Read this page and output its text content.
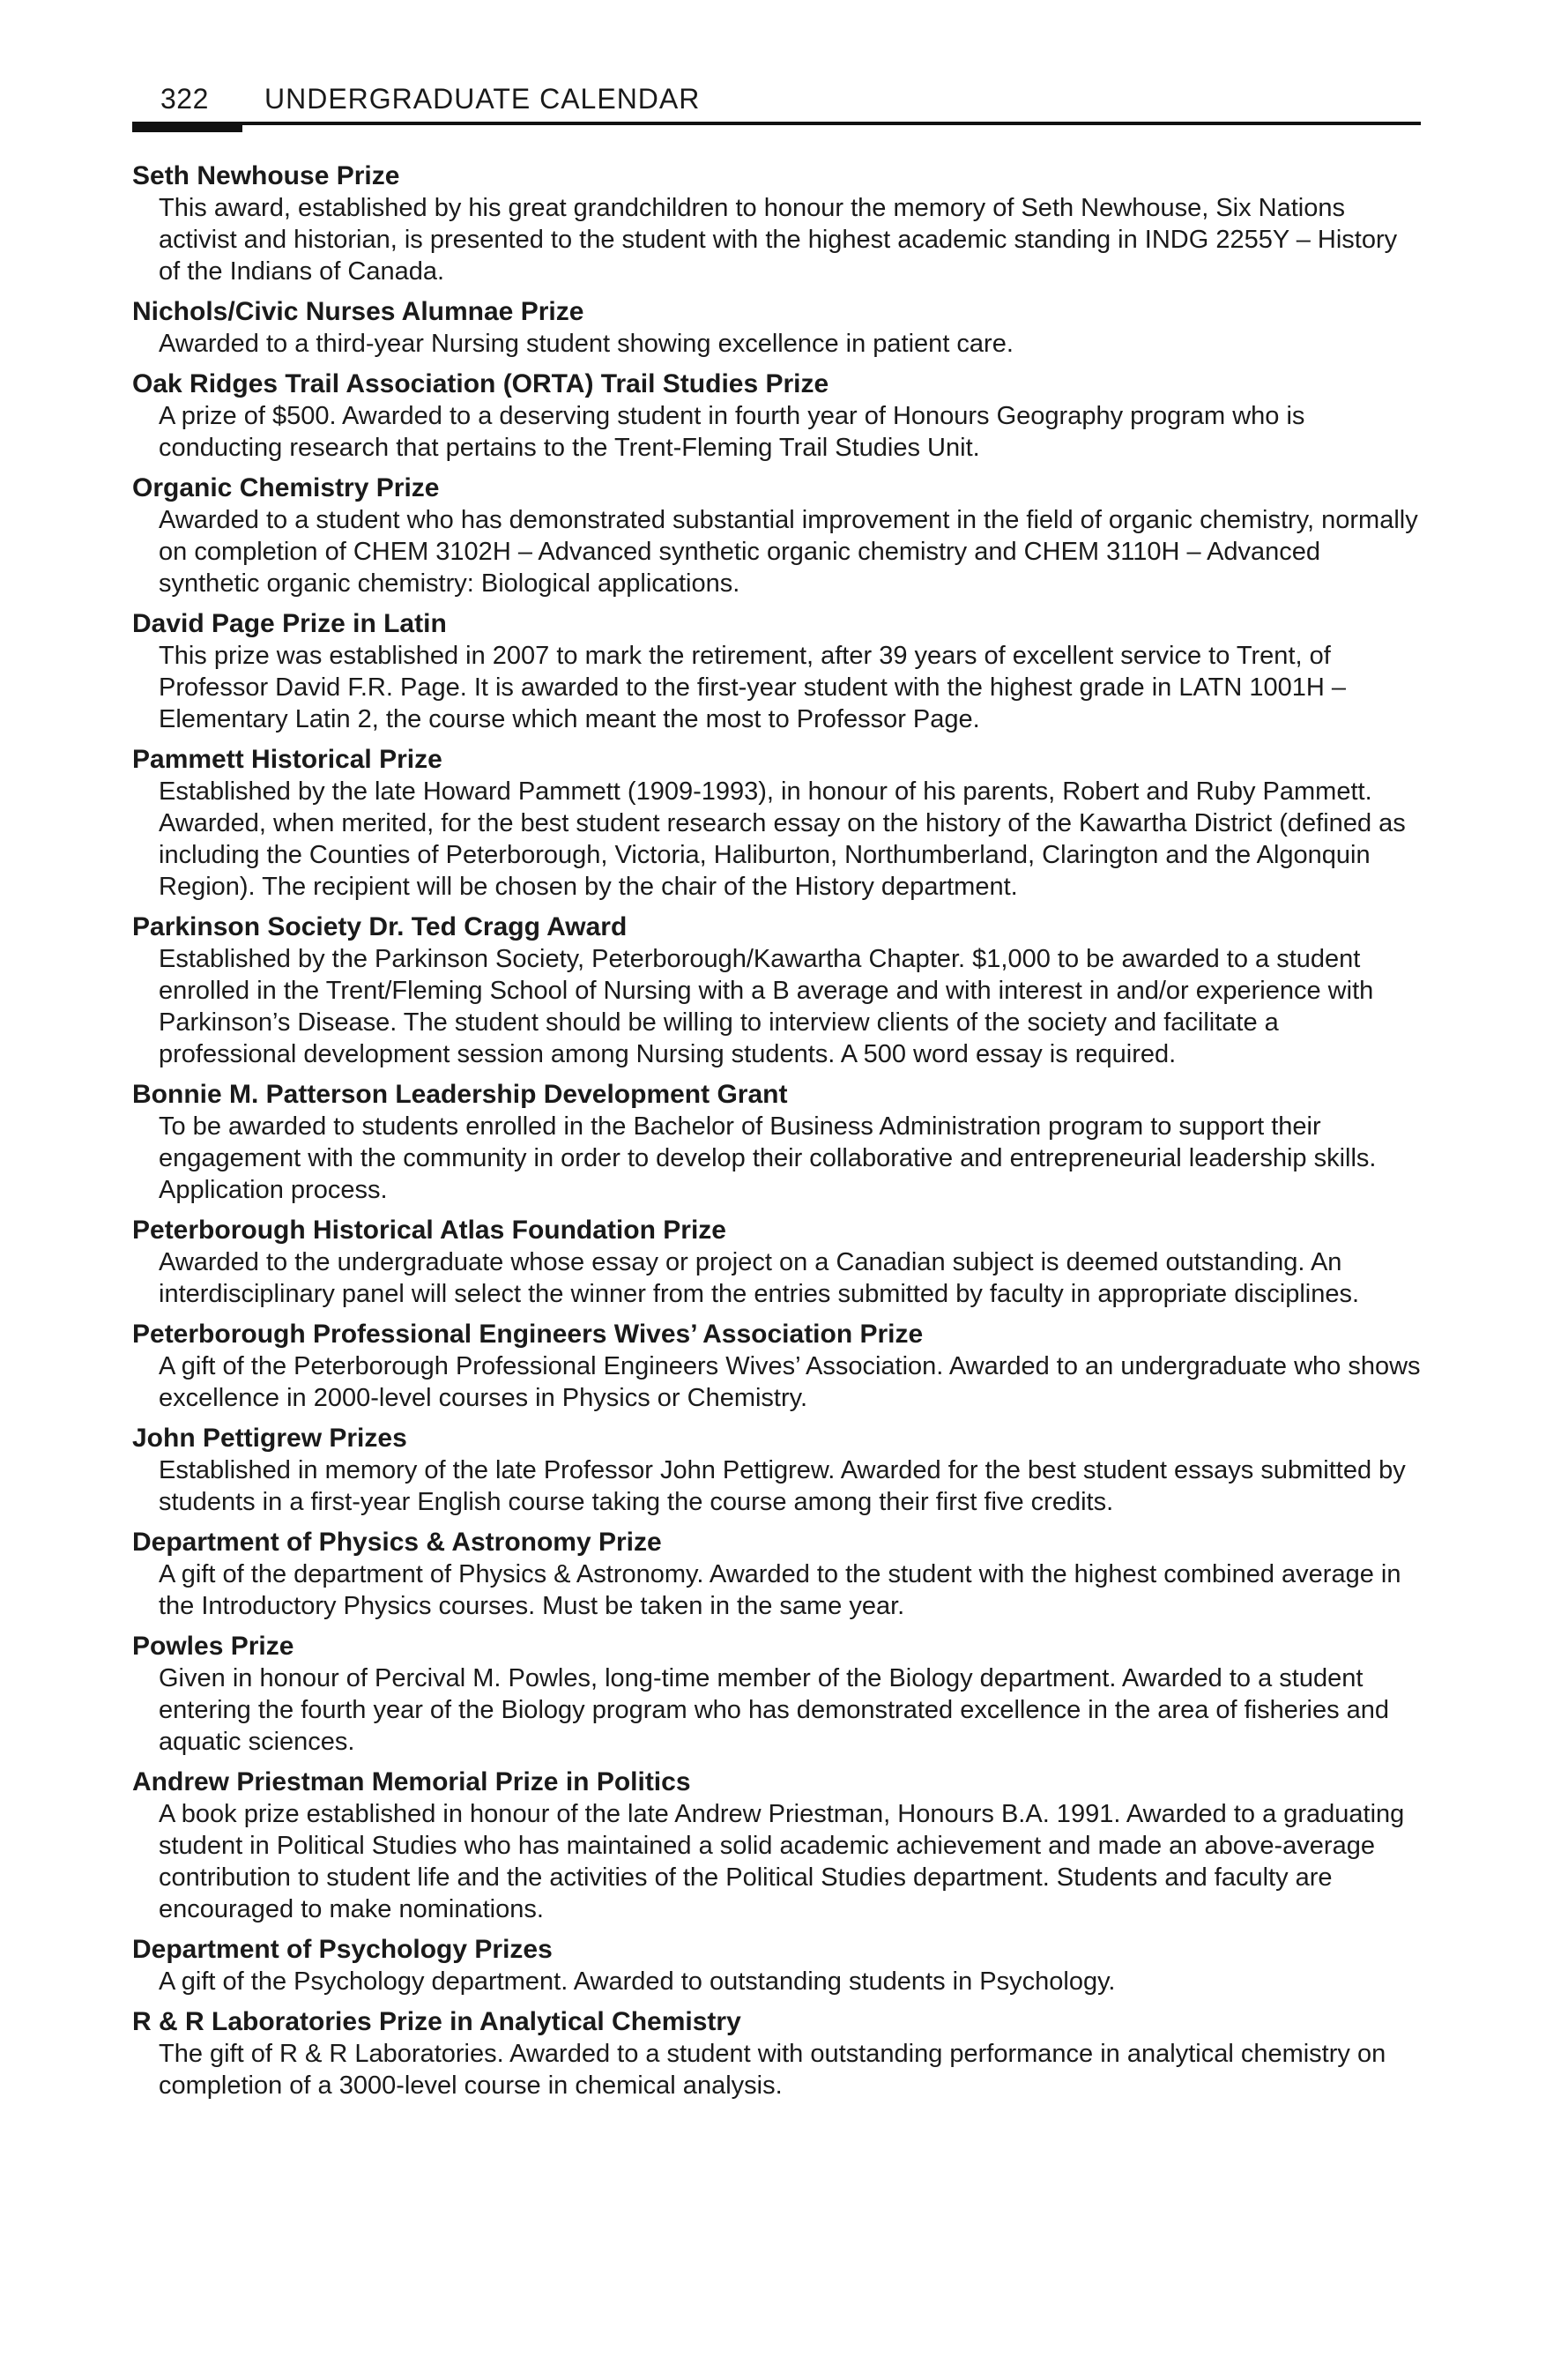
322 UNDERGRADUATE CALENDAR
Seth Newhouse Prize
This award, established by his great grandchildren to honour the memory of Seth Newhouse, Six Nations activist and historian, is presented to the student with the highest academic standing in INDG 2255Y – History of the Indians of Canada.
Nichols/Civic Nurses Alumnae Prize
Awarded to a third-year Nursing student showing excellence in patient care.
Oak Ridges Trail Association (ORTA) Trail Studies Prize
A prize of $500. Awarded to a deserving student in fourth year of Honours Geography program who is conducting research that pertains to the Trent-Fleming Trail Studies Unit.
Organic Chemistry Prize
Awarded to a student who has demonstrated substantial improvement in the field of organic chemistry, normally on completion of CHEM 3102H – Advanced synthetic organic chemistry and CHEM 3110H – Advanced synthetic organic chemistry: Biological applications.
David Page Prize in Latin
This prize was established in 2007 to mark the retirement, after 39 years of excellent service to Trent, of Professor David F.R. Page. It is awarded to the first-year student with the highest grade in LATN 1001H – Elementary Latin 2, the course which meant the most to Professor Page.
Pammett Historical Prize
Established by the late Howard Pammett (1909-1993), in honour of his parents, Robert and Ruby Pammett. Awarded, when merited, for the best student research essay on the history of the Kawartha District (defined as including the Counties of Peterborough, Victoria, Haliburton, Northumberland, Clarington and the Algonquin Region). The recipient will be chosen by the chair of the History department.
Parkinson Society Dr. Ted Cragg Award
Established by the Parkinson Society, Peterborough/Kawartha Chapter. $1,000 to be awarded to a student enrolled in the Trent/Fleming School of Nursing with a B average and with interest in and/or experience with Parkinson’s Disease. The student should be willing to interview clients of the society and facilitate a professional development session among Nursing students. A 500 word essay is required.
Bonnie M. Patterson Leadership Development Grant
To be awarded to students enrolled in the Bachelor of Business Administration program to support their engagement with the community in order to develop their collaborative and entrepreneurial leadership skills. Application process.
Peterborough Historical Atlas Foundation Prize
Awarded to the undergraduate whose essay or project on a Canadian subject is deemed outstanding. An interdisciplinary panel will select the winner from the entries submitted by faculty in appropriate disciplines.
Peterborough Professional Engineers Wives’ Association Prize
A gift of the Peterborough Professional Engineers Wives’ Association. Awarded to an undergraduate who shows excellence in 2000-level courses in Physics or Chemistry.
John Pettigrew Prizes
Established in memory of the late Professor John Pettigrew. Awarded for the best student essays submitted by students in a first-year English course taking the course among their first five credits.
Department of Physics & Astronomy Prize
A gift of the department of Physics & Astronomy. Awarded to the student with the highest combined average in the Introductory Physics courses. Must be taken in the same year.
Powles Prize
Given in honour of Percival M. Powles, long-time member of the Biology department. Awarded to a student entering the fourth year of the Biology program who has demonstrated excellence in the area of fisheries and aquatic sciences.
Andrew Priestman Memorial Prize in Politics
A book prize established in honour of the late Andrew Priestman, Honours B.A. 1991. Awarded to a graduating student in Political Studies who has maintained a solid academic achievement and made an above-average contribution to student life and the activities of the Political Studies department. Students and faculty are encouraged to make nominations.
Department of Psychology Prizes
A gift of the Psychology department. Awarded to outstanding students in Psychology.
R & R Laboratories Prize in Analytical Chemistry
The gift of R & R Laboratories. Awarded to a student with outstanding performance in analytical chemistry on completion of a 3000-level course in chemical analysis.
